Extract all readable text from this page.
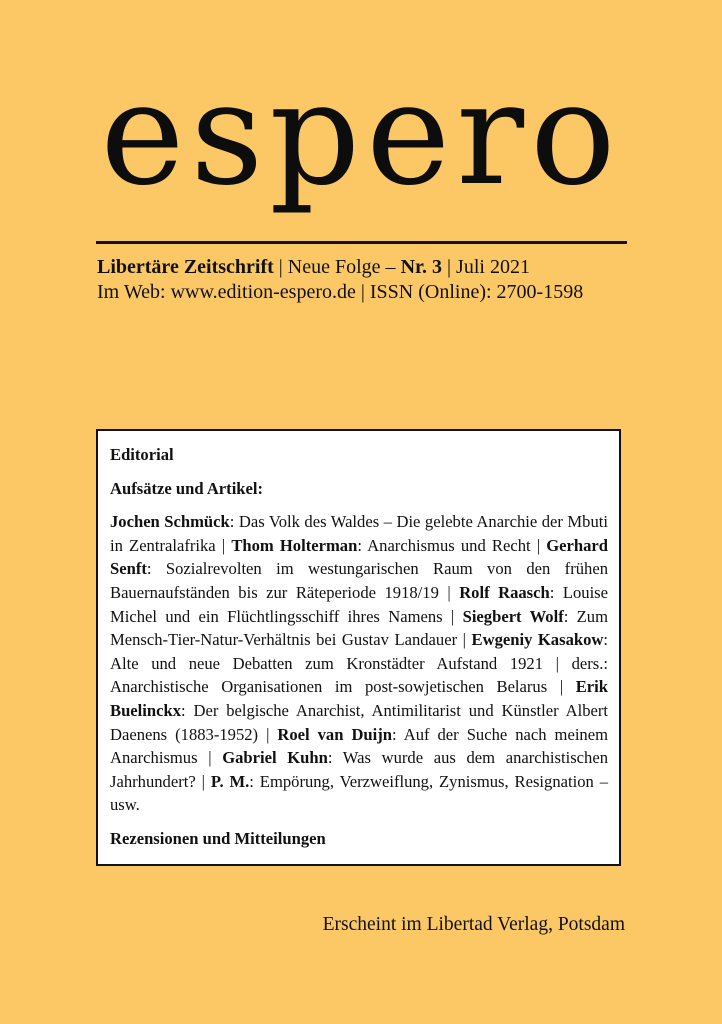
espero
Libertäre Zeitschrift | Neue Folge – Nr. 3 | Juli 2021
Im Web: www.edition-espero.de | ISSN (Online): 2700-1598

Editorial

Aufsätze und Artikel:

Jochen Schmück: Das Volk des Waldes – Die gelebte Anarchie der Mbuti in Zentralafrika | Thom Holterman: Anarchismus und Recht | Gerhard Senft: Sozialrevolten im westungarischen Raum von den frühen Bauernaufständen bis zur Räteperiode 1918/19 | Rolf Raasch: Louise Michel und ein Flüchtlingsschiff ihres Namens | Siegbert Wolf: Zum Mensch-Tier-Natur-Verhältnis bei Gustav Landauer | Ewgeniy Kasakow: Alte und neue Debatten zum Kronstädter Aufstand 1921 | ders.: Anarchistische Organisationen im post-sowjetischen Belarus | Erik Buelinckx: Der belgische Anarchist, Antimilitarist und Künstler Albert Daenens (1883-1952) | Roel van Duijn: Auf der Suche nach meinem Anarchismus | Gabriel Kuhn: Was wurde aus dem anarchistischen Jahrhundert? | P. M.: Empörung, Verzweiflung, Zynismus, Resignation – usw.

Rezensionen und Mitteilungen

Erscheint im Libertad Verlag, Potsdam
